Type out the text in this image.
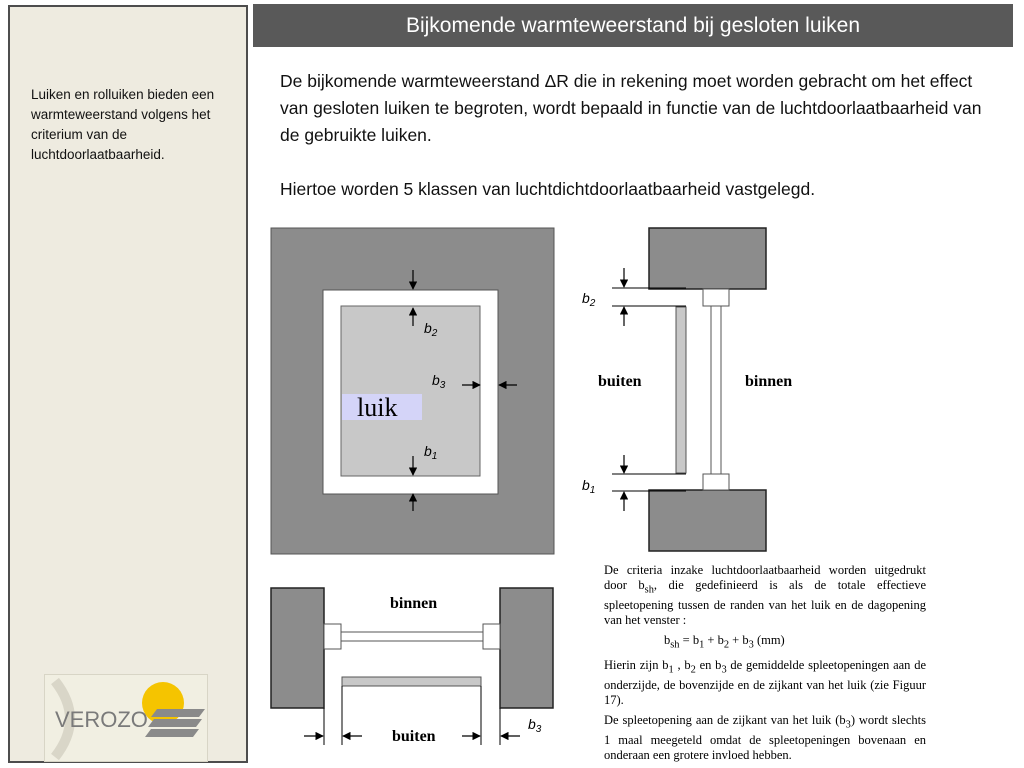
Luiken en rolluiken bieden een warmteweerstand volgens het criterium van de luchtdoorlaatbaarheid.
VEROZO
Bijkomende warmteweerstand bij gesloten luiken

De bijkomende warmteweerstand ΔR die in rekening moet worden gebracht om het effect van gesloten luiken te begroten, wordt bepaald in functie van de luchtdoorlaatbaarheid van de gebruikte luiken.

Hiertoe worden 5 klassen van luchtdichtdoorlaatbaarheid vastgelegd.

luik
$b_2$
$b_3$
$b_1$
$b_2$
$b_1$
buiten	binnen
$b_3$
binnen
buiten

De criteria inzake luchtdoorlaatbaarheid worden uitgedrukt door $b_{sh}$, die gedefinieerd is als de totale effectieve spleetopening tussen de randen van het luik en de dagopening van het venster :

$b_{sh} = b_1 + b_2 + b_3$ (mm)

Hierin zijn $b_1$ , $b_2$ en $b_3$ de gemiddelde spleetopeningen aan de onderzijde, de bovenzijde en de zijkant van het luik (zie Figuur 17).

De spleetopening aan de zijkant van het luik $(b_3)$ wordt slechts 1 maal meegeteld omdat de spleetopeningen bovenaan en onderaan een grotere invloed hebben.
